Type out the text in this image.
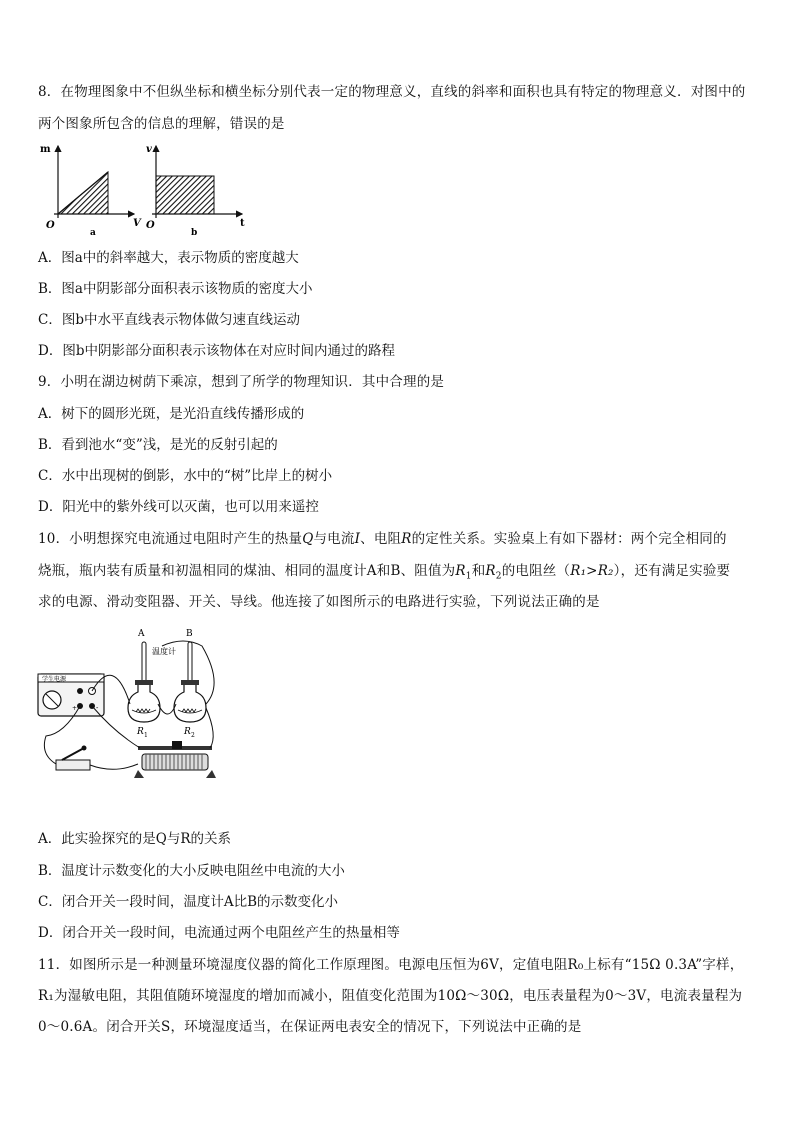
8．在物理图象中不但纵坐标和横坐标分别代表一定的物理意义，直线的斜率和面积也具有特定的物理意义．对图中的
两个图象所包含的信息的理解，错误的是
m
V
O
a
v
t
O
b
A．图a中的斜率越大，表示物质的密度越大
B．图a中阴影部分面积表示该物质的密度大小
C．图b中水平直线表示物体做匀速直线运动
D．图b中阴影部分面积表示该物体在对应时间内通过的路程
9．小明在湖边树荫下乘凉，想到了所学的物理知识．其中合理的是
A．树下的圆形光斑，是光沿直线传播形成的
B．看到池水“变”浅，是光的反射引起的
C．水中出现树的倒影，水中的“树”比岸上的树小
D．阳光中的紫外线可以灭菌，也可以用来遥控
10．小明想探究电流通过电阻时产生的热量Q与电流I、电阻R的定性关系。实验桌上有如下器材：两个完全相同的
烧瓶，瓶内装有质量和初温相同的煤油、相同的温度计A和B、阻值为$R_1$和$R_2$的电阻丝（R₁>R₂），还有满足实验要
求的电源、滑动变阻器、开关、导线。他连接了如图所示的电路进行实验，下列说法正确的是
学生电源
+	-
A	B
温度计
R 1	R 2
A．此实验探究的是Q与R的关系
B．温度计示数变化的大小反映电阻丝中电流的大小
C．闭合开关一段时间，温度计A比B的示数变化小
D．闭合开关一段时间，电流通过两个电阻丝产生的热量相等
11．如图所示是一种测量环境湿度仪器的简化工作原理图。电源电压恒为6V，定值电阻R₀上标有“15Ω 0.3A”字样，
R₁为湿敏电阻，其阻值随环境湿度的增加而减小，阻值变化范围为10Ω～30Ω，电压表量程为0～3V，电流表量程为
0～0.6A。闭合开关S，环境湿度适当，在保证两电表安全的情况下，下列说法中正确的是
